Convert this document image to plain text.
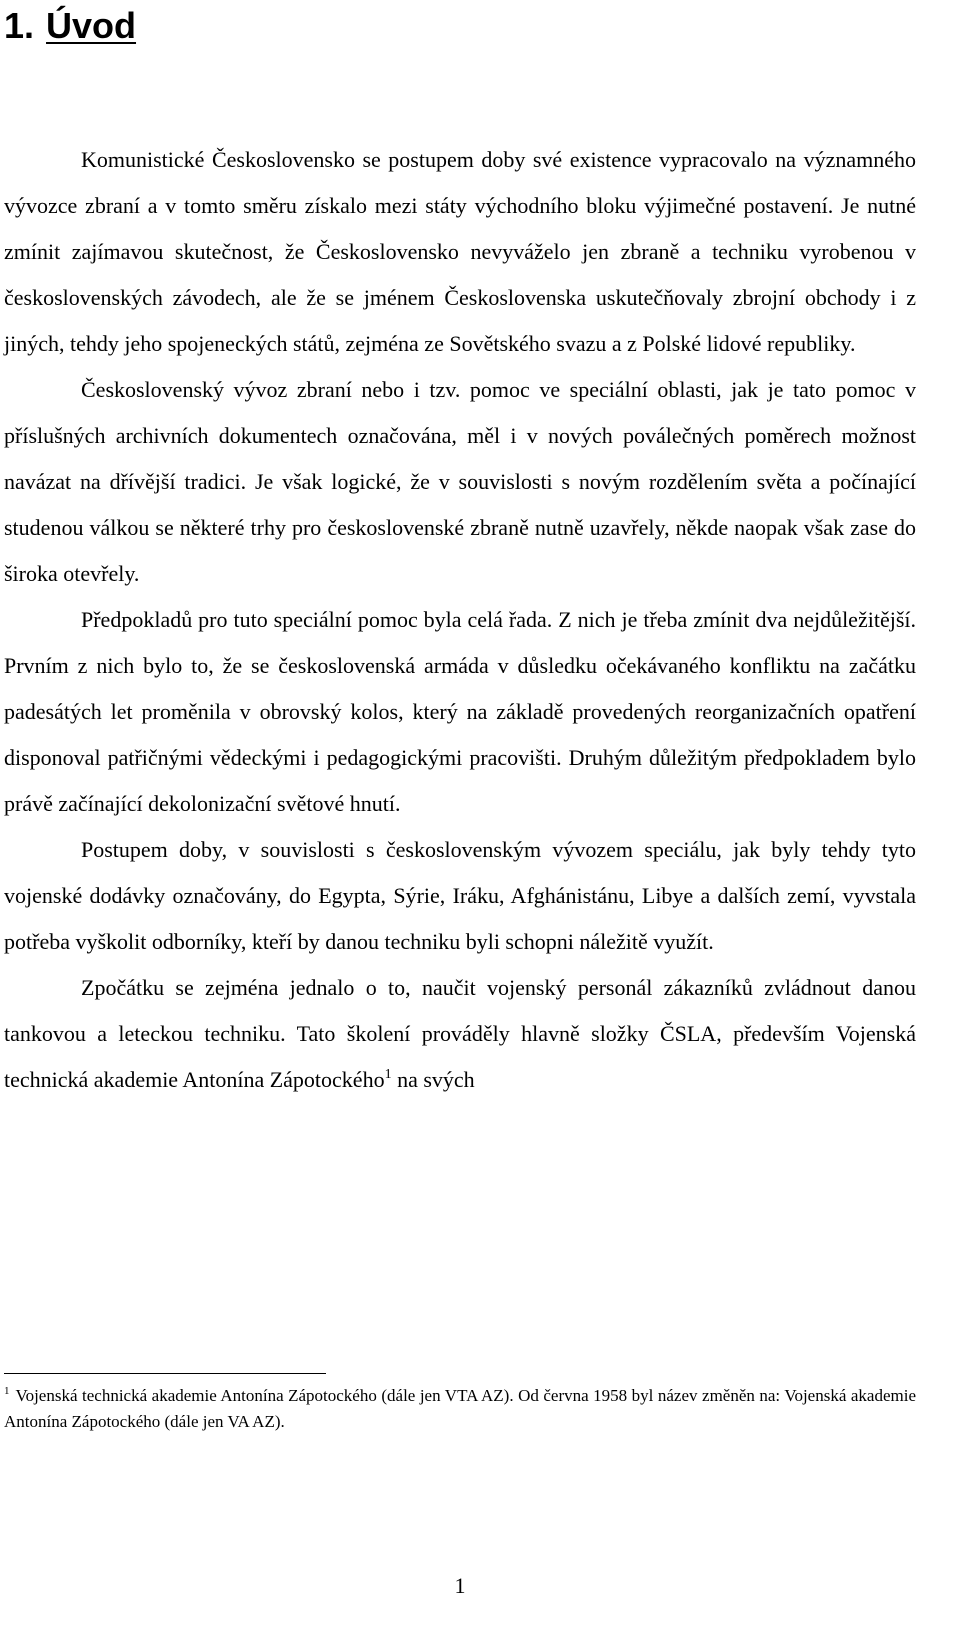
1. Úvod

Komunistické Československo se postupem doby své existence vypracovalo na významného vývozce zbraní a v tomto směru získalo mezi státy východního bloku výjimečné postavení. Je nutné zmínit zajímavou skutečnost, že Československo nevyváželo jen zbraně a techniku vyrobenou v československých závodech, ale že se jménem Československa uskutečňovaly zbrojní obchody i z jiných, tehdy jeho spojeneckých států, zejména ze Sovětského svazu a z Polské lidové republiky.

Československý vývoz zbraní nebo i tzv. pomoc ve speciální oblasti, jak je tato pomoc v příslušných archivních dokumentech označována, měl i v nových poválečných poměrech možnost navázat na dřívější tradici. Je však logické, že v souvislosti s novým rozdělením světa a počínající studenou válkou se některé trhy pro československé zbraně nutně uzavřely, někde naopak však zase do široka otevřely.

Předpokladů pro tuto speciální pomoc byla celá řada. Z nich je třeba zmínit dva nejdůležitější. Prvním z nich bylo to, že se československá armáda v důsledku očekávaného konfliktu na začátku padesátých let proměnila v obrovský kolos, který na základě provedených reorganizačních opatření disponoval patřičnými vědeckými i pedagogickými pracovišti. Druhým důležitým předpokladem bylo právě začínající dekolonizační světové hnutí.

Postupem doby, v souvislosti s československým vývozem speciálu, jak byly tehdy tyto vojenské dodávky označovány, do Egypta, Sýrie, Iráku, Afghánistánu, Libye a dalších zemí, vyvstala potřeba vyškolit odborníky, kteří by danou techniku byli schopni náležitě využít.

Zpočátku se zejména jednalo o to, naučit vojenský personál zákazníků zvládnout danou tankovou a leteckou techniku. Tato školení prováděly hlavně složky ČSLA, především Vojenská technická akademie Antonína Zápotockého$^1$ na svých

$^1$ Vojenská technická akademie Antonína Zápotockého (dále jen VTA AZ). Od června 1958 byl název změněn na: Vojenská akademie Antonína Zápotockého (dále jen VA AZ).

1
